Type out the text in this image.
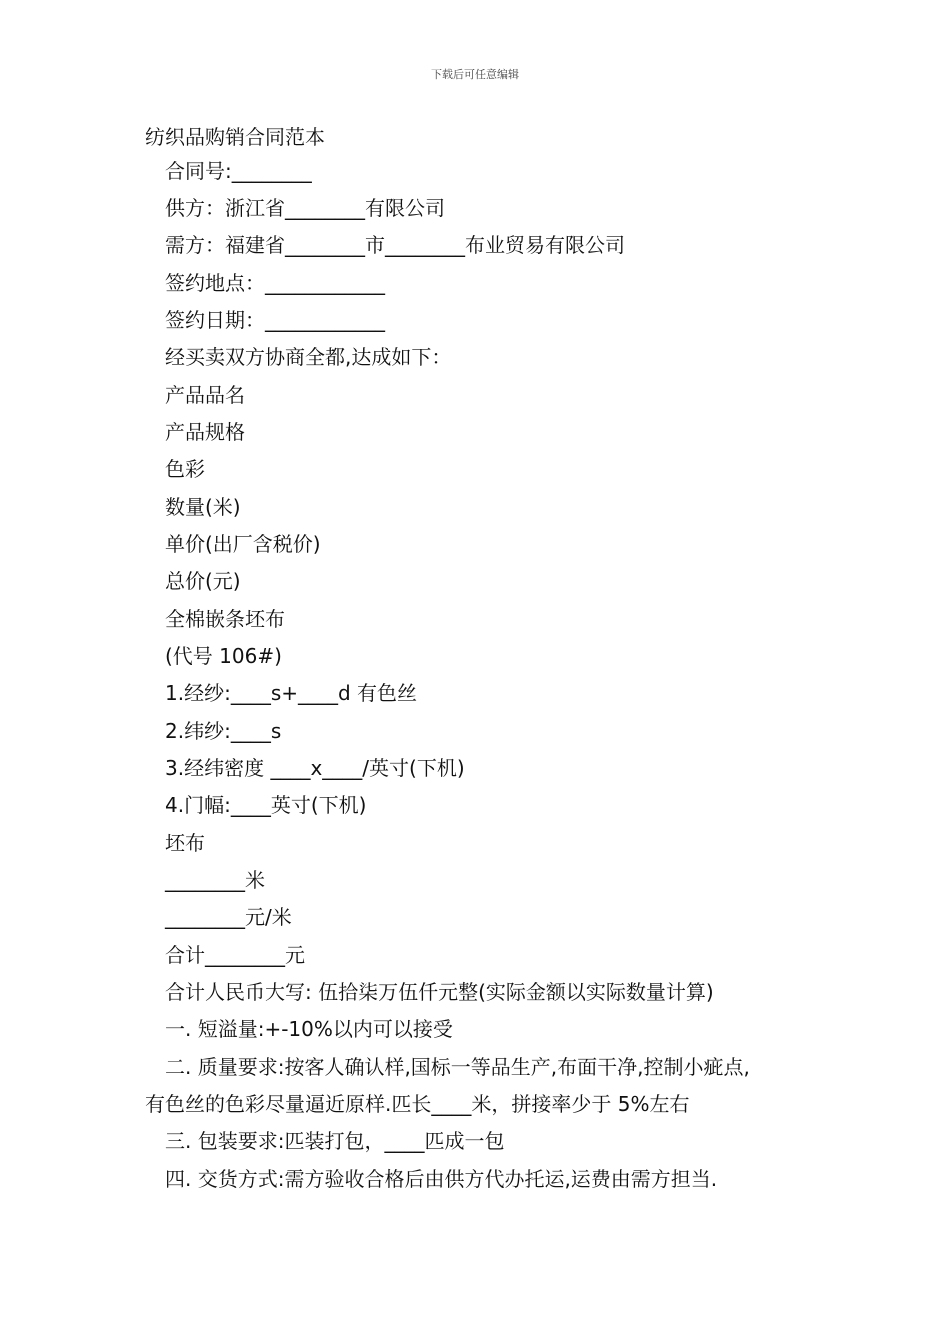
下载后可任意编辑
纺织品购销合同范本
合同号:________
供方：浙江省________有限公司
需方：福建省________市________布业贸易有限公司
签约地点：____________
签约日期：____________
经买卖双方协商全都,达成如下：
产品品名
产品规格
色彩
数量(米)
单价(出厂含税价)
总价(元)
全棉嵌条坯布
(代号 106#)
1.经纱:____s+____d 有色丝
2.纬纱:____s
3.经纬密度 ____x____/英寸(下机)
4.门幅:____英寸(下机)
坯布
________米
________元/米
合计________元
合计人民币大写: 伍拾柒万伍仟元整(实际金额以实际数量计算)
一. 短溢量:+-10%以内可以接受
二. 质量要求:按客人确认样,国标一等品生产,布面干净,控制小疵点,
有色丝的色彩尽量逼近原样.匹长____米，拼接率少于 5%左右
三. 包装要求:匹装打包，____匹成一包
四. 交货方式:需方验收合格后由供方代办托运,运费由需方担当.
